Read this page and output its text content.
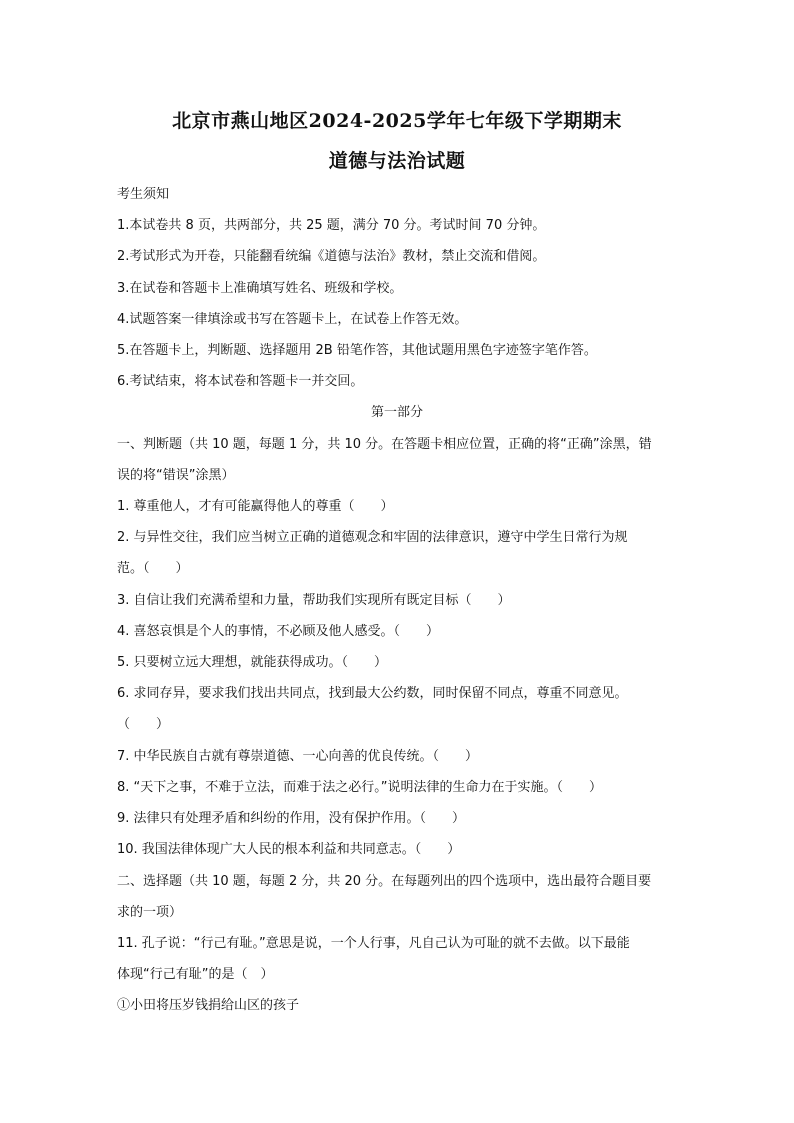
北京市燕山地区2024-2025学年七年级下学期期末
道德与法治试题
考生须知
1.本试卷共 8 页，共两部分，共 25 题，满分 70 分。考试时间 70 分钟。
2.考试形式为开卷，只能翻看统编《道德与法治》教材，禁止交流和借阅。
3.在试卷和答题卡上准确填写姓名、班级和学校。
4.试题答案一律填涂或书写在答题卡上，在试卷上作答无效。
5.在答题卡上，判断题、选择题用 2B 铅笔作答，其他试题用黑色字迹签字笔作答。
6.考试结束，将本试卷和答题卡一并交回。
第一部分
一、判断题（共 10 题，每题 1 分，共 10 分。在答题卡相应位置，正确的将“正确”涂黑，错
误的将“错误”涂黑）
1. 尊重他人，才有可能赢得他人的尊重（　　）
2. 与异性交往，我们应当树立正确的道德观念和牢固的法律意识，遵守中学生日常行为规
范。（　　）
3. 自信让我们充满希望和力量，帮助我们实现所有既定目标（　　）
4. 喜怒哀惧是个人的事情，不必顾及他人感受。（　　）
5. 只要树立远大理想，就能获得成功。（　　）
6. 求同存异，要求我们找出共同点，找到最大公约数，同时保留不同点，尊重不同意见。
（　　）
7. 中华民族自古就有尊崇道德、一心向善的优良传统。（　　）
8. “天下之事，不难于立法，而难于法之必行。”说明法律的生命力在于实施。（　　）
9. 法律只有处理矛盾和纠纷的作用，没有保护作用。（　　）
10. 我国法律体现广大人民的根本利益和共同意志。（　　）
二、选择题（共 10 题，每题 2 分，共 20 分。在每题列出的四个选项中，选出最符合题目要
求的一项）
11. 孔子说：“行己有耻。”意思是说，一个人行事，凡自己认为可耻的就不去做。以下最能
体现“行己有耻”的是（　）
①小田将压岁钱捐给山区的孩子
